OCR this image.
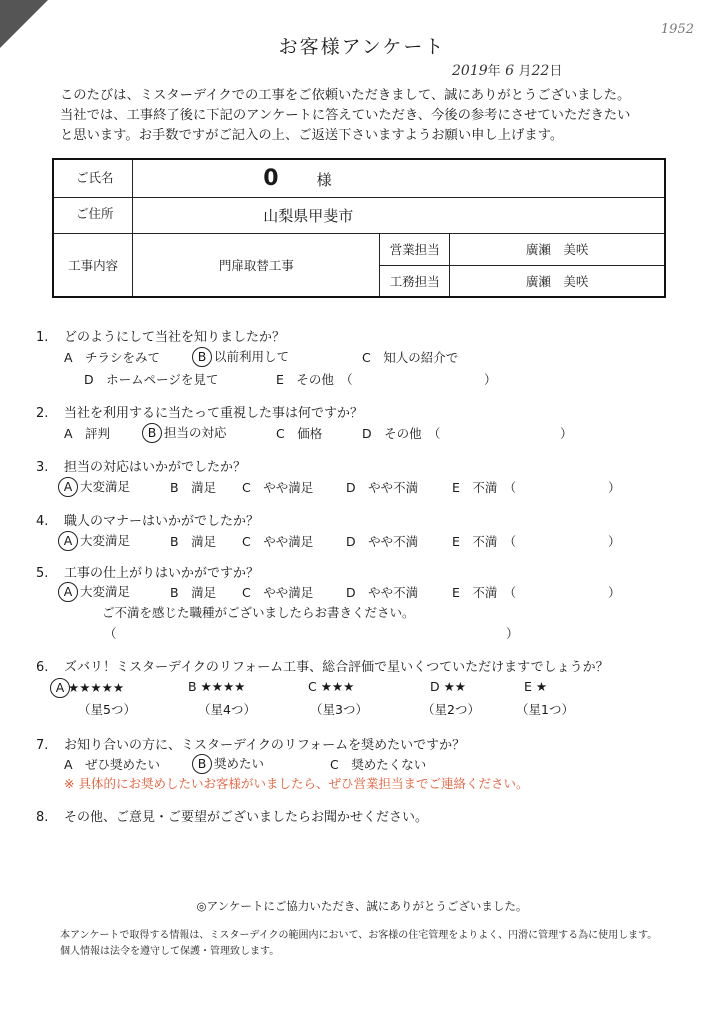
1952
お客様アンケート
2019年 6 月22日
このたびは、ミスターデイクでの工事をご依頼いただきまして、誠にありがとうございました。
当社では、工事終了後に下記のアンケートに答えていただき、今後の参考にさせていただきたい
と思います。お手数ですがご記入の上、ご返送下さいますようお願い申し上げます。
ご氏名	0 様		
ご住所	山梨県甲斐市		
工事内容	門扉取替工事	営業担当	廣瀬　美咲
		工務担当	廣瀬　美咲
1. どのようにして当社を知りましたか？
A　チラシをみて	B 以前利用して	C　知人の紹介で
D　ホームページを見て	E　その他　（	）
2. 当社を利用するに当たって重視した事は何ですか？
A　評判	B 担当の対応	C　価格	D　その他　（	）
3. 担当の対応はいかがでしたか？
A 大変満足	B　満足 C　やや満足	D　やや不満	E　不満　（	）
4. 職人のマナーはいかがでしたか？
A 大変満足	B　満足 C　やや満足	D　やや不満	E　不満　（	）
5. 工事の仕上がりはいかがですか？
A 大変満足	B　満足 C　やや満足	D　やや不満	E　不満　（	）
ご不満を感じた職種がございましたらお書きください。
（	）
6. ズバリ！ミスターデイクのリフォーム工事、総合評価で星いくつていただけますでしょうか？
A ★★★★★	B ★★★★	C ★★★	D ★★	E ★
（星5つ）	（星4つ）	（星3つ）	（星2つ）	（星1つ）
7. お知り合いの方に、ミスターデイクのリフォームを奨めたいですか？
A　ぜひ奨めたい	B 奨めたい	C　奨めたくない
※ 具体的にお奨めしたいお客様がいましたら、ぜひ営業担当までご連絡ください。
8. その他、ご意見・ご要望がございましたらお聞かせください。
◎アンケートにご協力いただき、誠にありがとうございました。
本アンケートで取得する情報は、ミスターデイクの範囲内において、お客様の住宅管理をよりよく、円滑に管理する為に使用します。
個人情報は法令を遵守して保護・管理致します。
